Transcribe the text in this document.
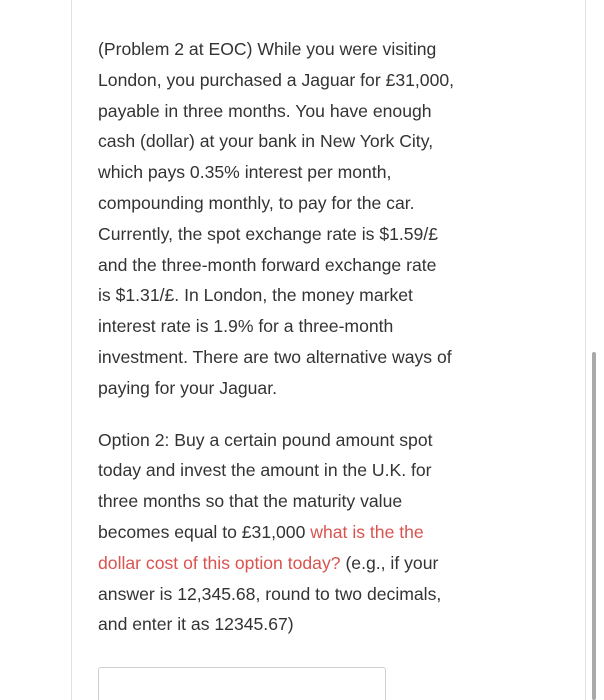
(Problem 2 at EOC) While you were visiting
London, you purchased a Jaguar for £31,000,
payable in three months. You have enough
cash (dollar) at your bank in New York City,
which pays 0.35% interest per month,
compounding monthly, to pay for the car.
Currently, the spot exchange rate is $1.59/£
and the three-month forward exchange rate
is $1.31/£. In London, the money market
interest rate is 1.9% for a three-month
investment. There are two alternative ways of
paying for your Jaguar.

Option 2: Buy a certain pound amount spot
today and invest the amount in the U.K. for
three months so that the maturity value
becomes equal to £31,000 what is the the
dollar cost of this option today? (e.g., if your
answer is 12,345.68, round to two decimals,
and enter it as 12345.67)
